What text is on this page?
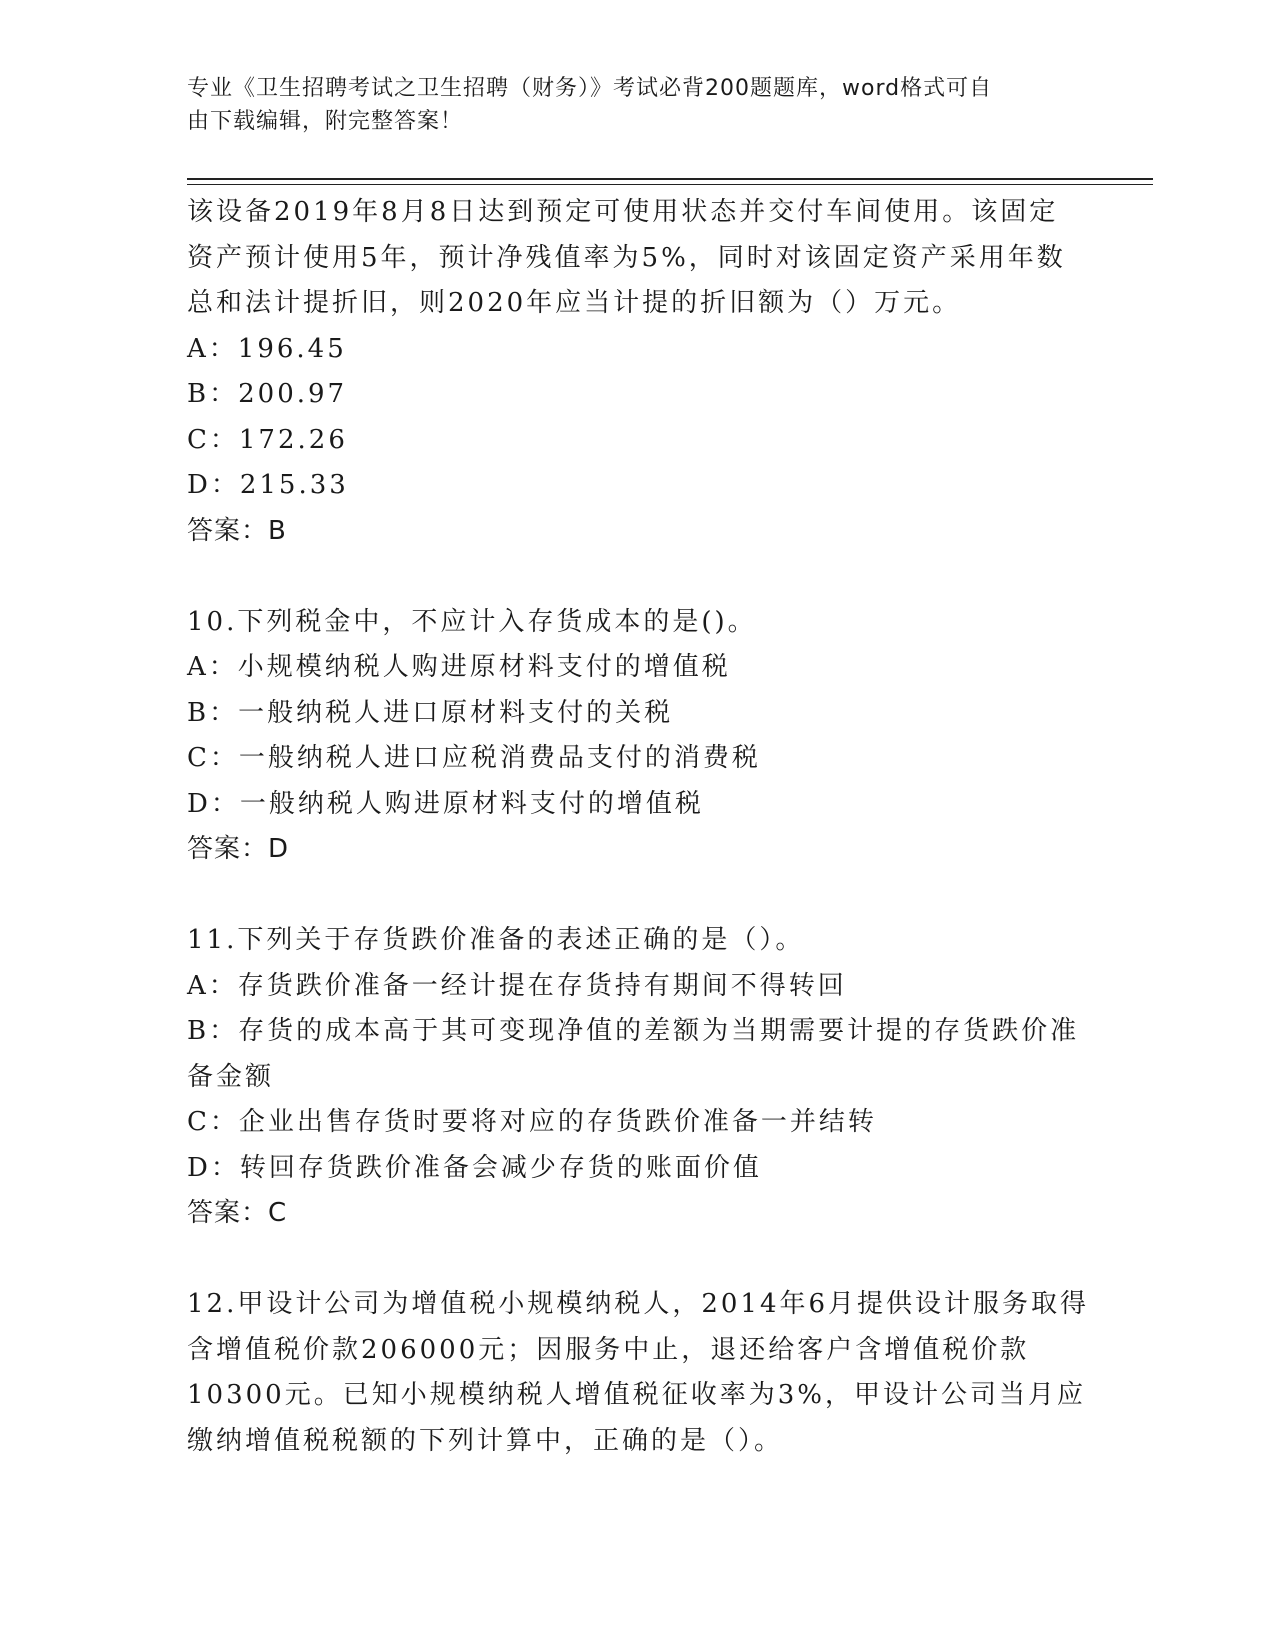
专业《卫生招聘考试之卫生招聘（财务）》考试必背200题题库，word格式可自
由下载编辑，附完整答案！
该设备2019年8月8日达到预定可使用状态并交付车间使用。该固定
资产预计使用5年，预计净残值率为5%，同时对该固定资产采用年数
总和法计提折旧，则2020年应当计提的折旧额为（）万元。
A：196.45
B：200.97
C：172.26
D：215.33
答案：B
10.下列税金中，不应计入存货成本的是()。
A：小规模纳税人购进原材料支付的增值税
B：一般纳税人进口原材料支付的关税
C：一般纳税人进口应税消费品支付的消费税
D：一般纳税人购进原材料支付的增值税
答案：D
11.下列关于存货跌价准备的表述正确的是（）。
A：存货跌价准备一经计提在存货持有期间不得转回
B：存货的成本高于其可变现净值的差额为当期需要计提的存货跌价准
备金额
C：企业出售存货时要将对应的存货跌价准备一并结转
D：转回存货跌价准备会减少存货的账面价值
答案：C
12.甲设计公司为增值税小规模纳税人，2014年6月提供设计服务取得
含增值税价款206000元；因服务中止，退还给客户含增值税价款
10300元。已知小规模纳税人增值税征收率为3%，甲设计公司当月应
缴纳增值税税额的下列计算中，正确的是（）。
